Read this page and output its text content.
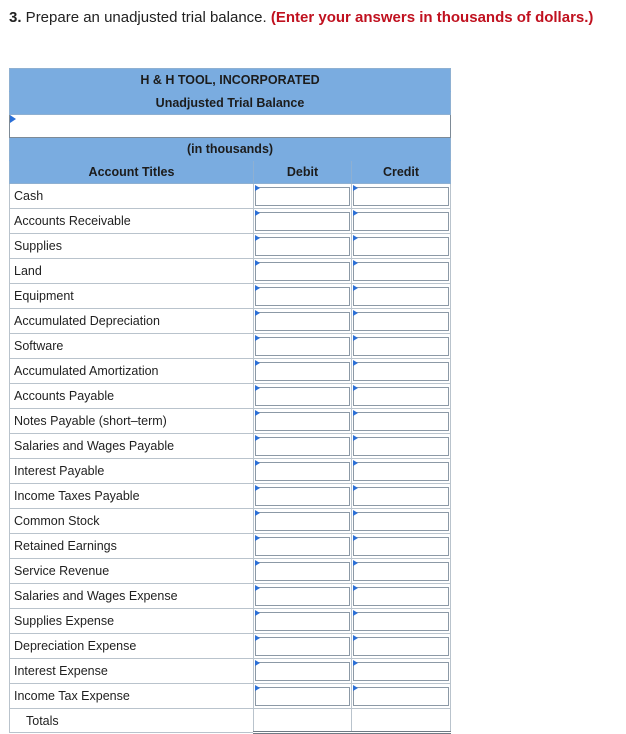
3. Prepare an unadjusted trial balance. (Enter your answers in thousands of dollars.)
H & H TOOL, INCORPORATED		
Unadjusted Trial Balance		

(in thousands)		
Account Titles	Debit	Credit
Cash	

Accounts Receivable	

Supplies	

Land	

Equipment	

Accumulated Depreciation	

Software	

Accumulated Amortization	

Accounts Payable	

Notes Payable (short–term)	

Salaries and Wages Payable	

Interest Payable	

Income Taxes Payable	

Common Stock	

Retained Earnings	

Service Revenue	

Salaries and Wages Expense	

Supplies Expense	

Depreciation Expense	

Interest Expense	

Income Tax Expense	

Totals		
